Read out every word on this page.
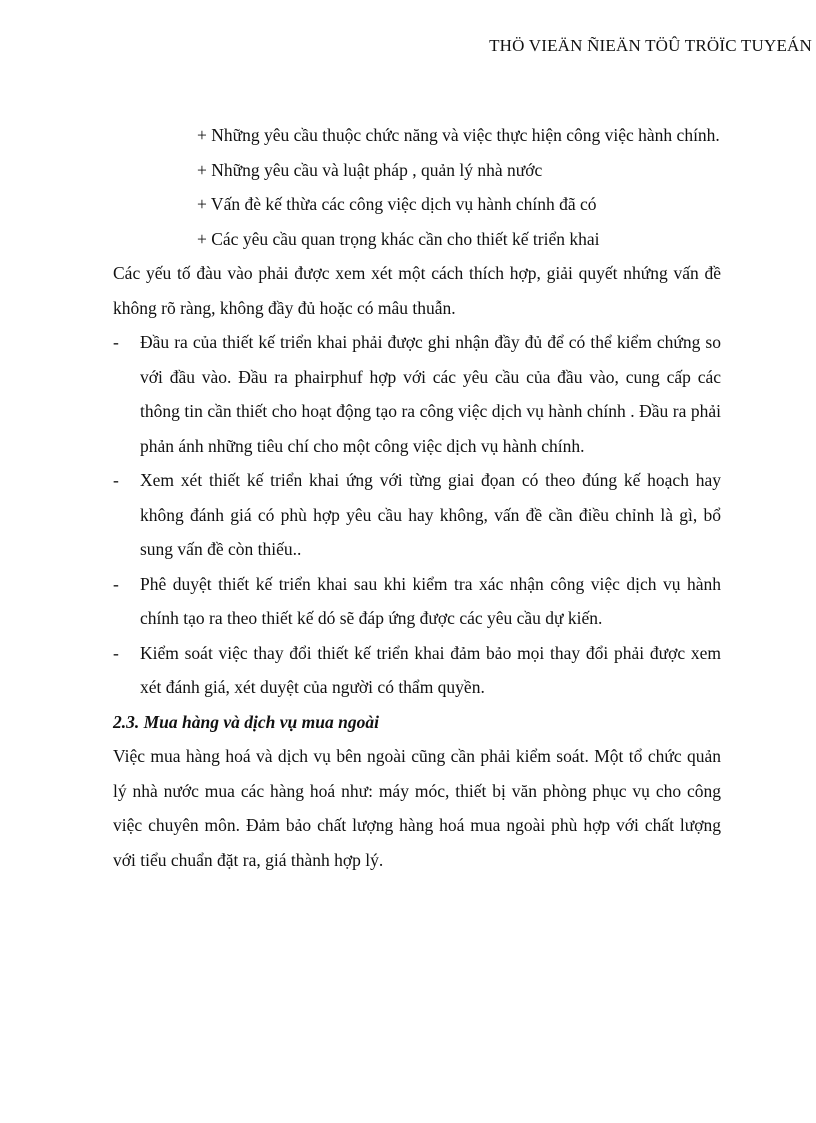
THÖ VIEÄN ÑIEÄN TÖÛ TRÖÏC TUYEÁN

+ Những yêu cầu thuộc chức năng và việc thực hiện công việc hành chính.

+ Những yêu cầu và luật pháp , quản lý nhà nước

+ Vấn đè kế thừa các công việc dịch vụ hành chính đã có

+ Các yêu cầu quan trọng khác cần cho thiết kế triển khai

Các yếu tố đàu vào phải được xem xét một cách thích hợp, giải quyết nhứng vấn đề không rõ ràng, không đầy đủ hoặc có mâu thuẫn.

-	Đầu ra của thiết kế triển khai phải được ghi nhận đầy đủ để có thể kiểm chứng so với đầu vào. Đầu ra phairphuf hợp với các yêu cầu của đầu vào, cung cấp các thông tin cần thiết cho hoạt động tạo ra công việc dịch vụ hành chính . Đầu ra phải phản ánh những tiêu chí cho một công việc dịch vụ hành chính.
-	Xem xét thiết kế triển khai ứng với từng giai đọan có theo đúng kế hoạch hay không đánh giá có phù hợp yêu cầu hay không, vấn đề cần điều chỉnh là gì, bổ sung vấn đề còn thiếu..
-	Phê duyệt thiết kế triển khai sau khi kiểm tra xác nhận công việc dịch vụ hành chính tạo ra theo thiết kế dó sẽ đáp ứng được các yêu cầu dự kiến.
-	Kiểm soát việc thay đổi thiết kế triển khai đảm bảo mọi thay đổi phải được xem xét đánh giá, xét duyệt của người có thẩm quyền.

2.3. Mua hàng và dịch vụ mua ngoài

Việc mua hàng hoá và dịch vụ bên ngoài cũng cần phải kiểm soát. Một tổ chức quản lý nhà nước mua các hàng hoá như: máy móc, thiết bị văn phòng phục vụ cho công việc chuyên môn. Đảm bảo chất lượng hàng hoá mua ngoài phù hợp với chất lượng với tiểu chuẩn đặt ra, giá thành hợp lý.
